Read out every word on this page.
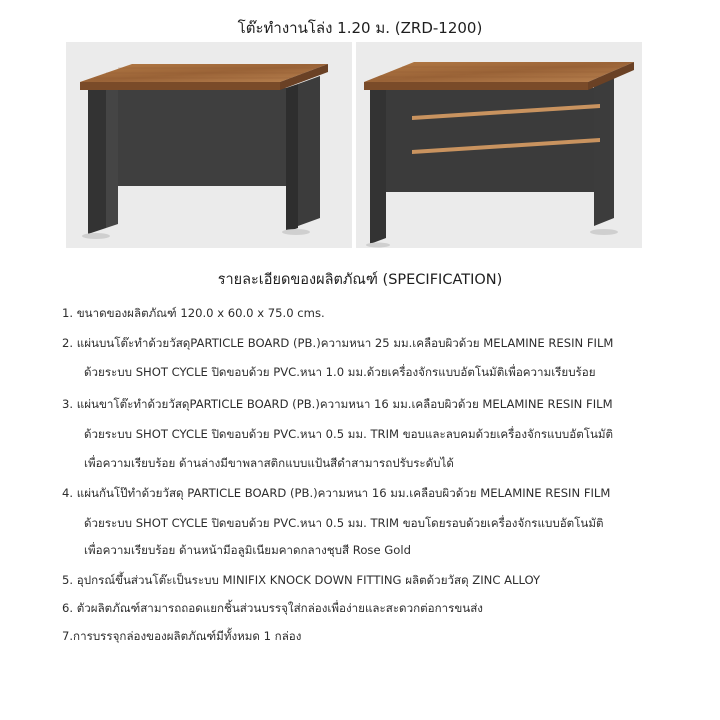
โต๊ะทำงานโล่ง 1.20 ม. (ZRD-1200)
รายละเอียดของผลิตภัณฑ์ (SPECIFICATION)
1. ขนาดของผลิตภัณฑ์ 120.0 x 60.0 x 75.0 cms.
2. แผ่นบนโต๊ะทำด้วยวัสดุPARTICLE BOARD (PB.)ความหนา 25 มม.เคลือบผิวด้วย MELAMINE RESIN FILM
ด้วยระบบ SHOT CYCLE ปิดขอบด้วย PVC.หนา 1.0 มม.ด้วยเครื่องจักรแบบอัตโนมัติเพื่อความเรียบร้อย
3. แผ่นขาโต๊ะทำด้วยวัสดุPARTICLE BOARD (PB.)ความหนา 16 มม.เคลือบผิวด้วย MELAMINE RESIN FILM
ด้วยระบบ SHOT CYCLE ปิดขอบด้วย PVC.หนา 0.5 มม. TRIM ขอบและลบคมด้วยเครื่องจักรแบบอัตโนมัติ
เพื่อความเรียบร้อย ด้านล่างมีขาพลาสติกแบบแป้นสีดำสามารถปรับระดับได้
4. แผ่นกันโป๊ทำด้วยวัสดุ PARTICLE BOARD (PB.)ความหนา 16 มม.เคลือบผิวด้วย MELAMINE RESIN FILM
ด้วยระบบ SHOT CYCLE ปิดขอบด้วย PVC.หนา 0.5 มม. TRIM ขอบโดยรอบด้วยเครื่องจักรแบบอัตโนมัติ
เพื่อความเรียบร้อย ด้านหน้ามีอลูมิเนียมคาดกลางชุบสี Rose Gold
5. อุปกรณ์ขึ้นส่วนโต๊ะเป็นระบบ MINIFIX KNOCK DOWN FITTING ผลิตด้วยวัสดุ ZINC ALLOY
6. ตัวผลิตภัณฑ์สามารถถอดแยกชิ้นส่วนบรรจุใส่กล่องเพื่อง่ายและสะดวกต่อการขนส่ง
7.การบรรจุกล่องของผลิตภัณฑ์มีทั้งหมด 1 กล่อง
